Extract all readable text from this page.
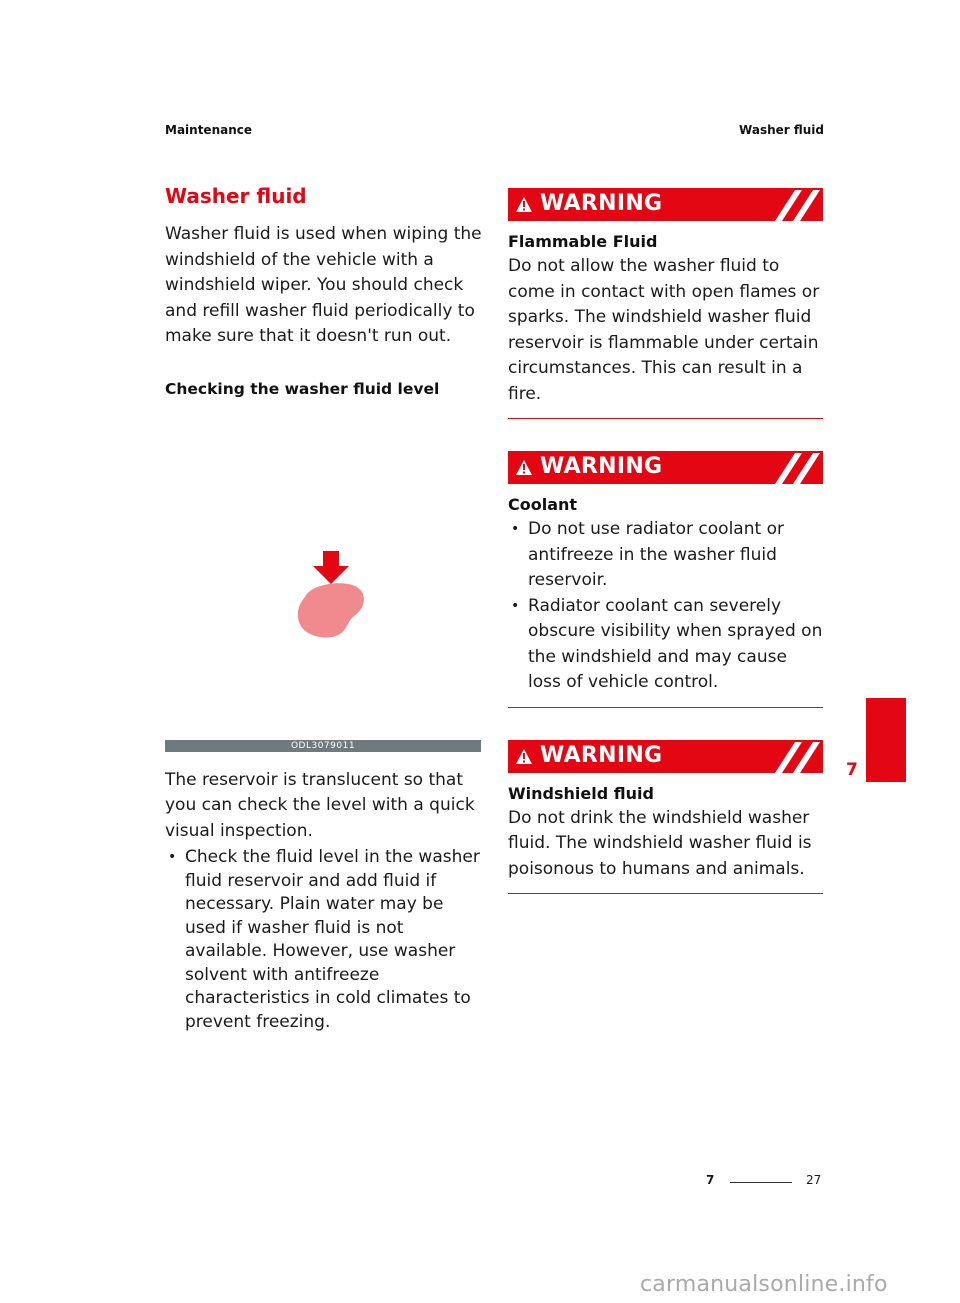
Maintenance	Washer fluid
Washer fluid

Washer fluid is used when wiping the windshield of the vehicle with a windshield wiper. You should check and refill washer fluid periodically to make sure that it doesn't run out.

Checking the washer fluid level
ODL3079011

The reservoir is translucent so that you can check the level with a quick visual inspection.

• Check the fluid level in the washer fluid reservoir and add fluid if necessary. Plain water may be used if washer fluid is not available. However, use washer solvent with antifreeze characteristics in cold climates to prevent freezing.
WARNING
Flammable Fluid

Do not allow the washer fluid to come in contact with open flames or sparks. The windshield washer fluid reservoir is flammable under certain circumstances. This can result in a fire.

WARNING
Coolant
• Do not use radiator coolant or antifreeze in the washer fluid reservoir.
• Radiator coolant can severely obscure visibility when sprayed on the windshield and may cause loss of vehicle control.
WARNING
Windshield fluid

Do not drink the windshield washer fluid. The windshield washer fluid is poisonous to humans and animals.

7
7	27
carmanualsonline.info
